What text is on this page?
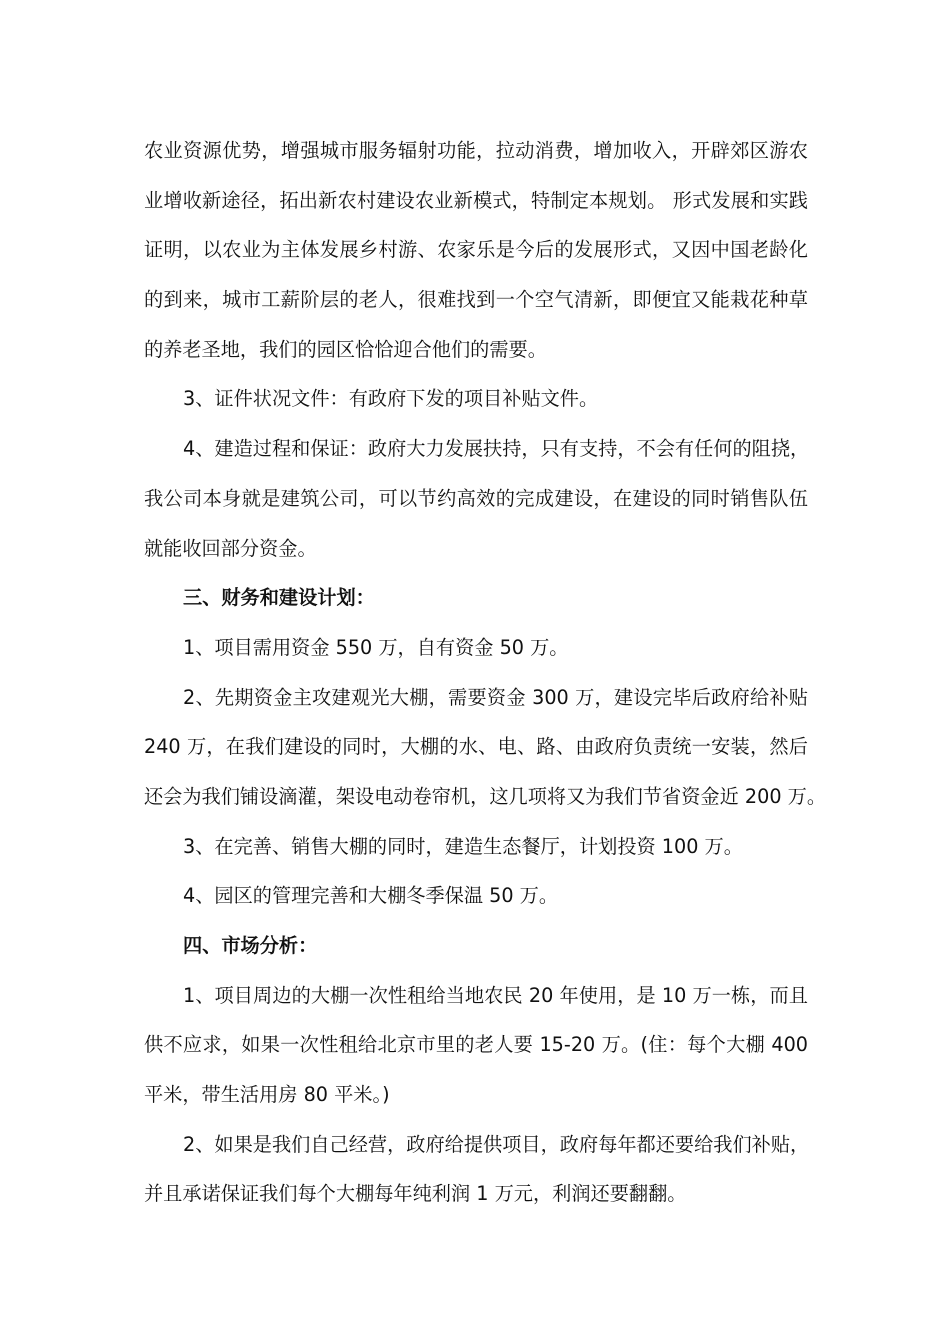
农业资源优势，增强城市服务辐射功能，拉动消费，增加收入，开辟郊区游农
业增收新途径，拓出新农村建设农业新模式，特制定本规划。 形式发展和实践
证明，以农业为主体发展乡村游、农家乐是今后的发展形式，又因中国老龄化
的到来，城市工薪阶层的老人，很难找到一个空气清新，即便宜又能栽花种草
的养老圣地，我们的园区恰恰迎合他们的需要。
3、证件状况文件：有政府下发的项目补贴文件。
4、建造过程和保证：政府大力发展扶持，只有支持，不会有任何的阻挠，
我公司本身就是建筑公司，可以节约高效的完成建设，在建设的同时销售队伍
就能收回部分资金。
三、财务和建设计划：
1、项目需用资金 550 万，自有资金 50 万。
2、先期资金主攻建观光大棚，需要资金 300 万，建设完毕后政府给补贴
240 万，在我们建设的同时，大棚的水、电、路、由政府负责统一安装，然后
还会为我们铺设滴灌，架设电动卷帘机，这几项将又为我们节省资金近 200 万。
3、在完善、销售大棚的同时，建造生态餐厅，计划投资 100 万。
4、园区的管理完善和大棚冬季保温 50 万。
四、市场分析：
1、项目周边的大棚一次性租给当地农民 20 年使用，是 10 万一栋，而且
供不应求，如果一次性租给北京市里的老人要 15-20 万。(住：每个大棚 400
平米，带生活用房 80 平米。)
2、如果是我们自己经营，政府给提供项目，政府每年都还要给我们补贴，
并且承诺保证我们每个大棚每年纯利润 1 万元，利润还要翻翻。
